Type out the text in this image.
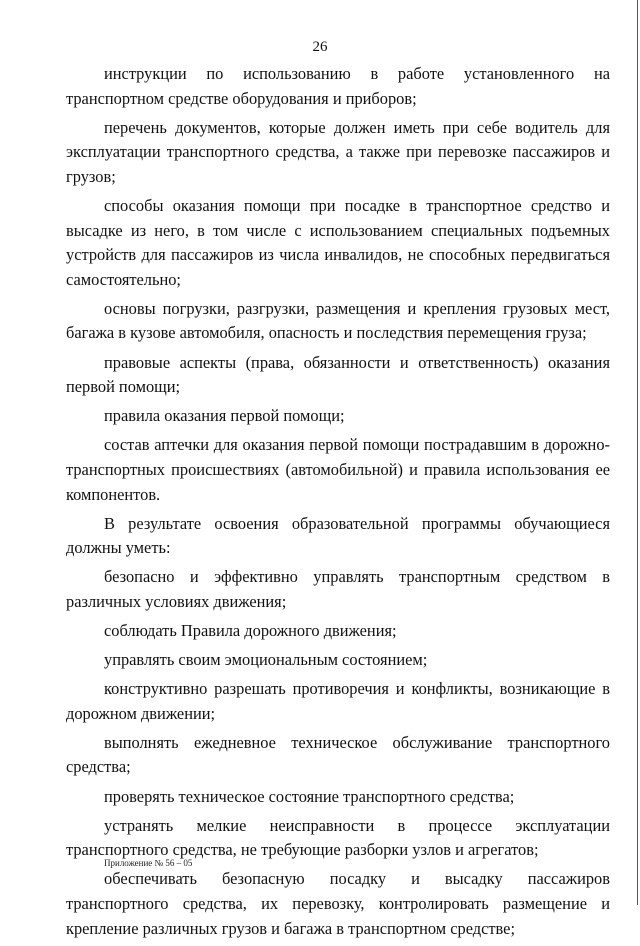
26

инструкции по использованию в работе установленного на транспортном средстве оборудования и приборов;

перечень документов, которые должен иметь при себе водитель для эксплуатации транспортного средства, а также при перевозке пассажиров и грузов;

способы оказания помощи при посадке в транспортное средство и высадке из него, в том числе с использованием специальных подъемных устройств для пассажиров из числа инвалидов, не способных передвигаться самостоятельно;

основы погрузки, разгрузки, размещения и крепления грузовых мест, багажа в кузове автомобиля, опасность и последствия перемещения груза;

правовые аспекты (права, обязанности и ответственность) оказания первой помощи;

правила оказания первой помощи;

состав аптечки для оказания первой помощи пострадавшим в дорожно-транспортных происшествиях (автомобильной) и правила использования ее компонентов.

В результате освоения образовательной программы обучающиеся должны уметь:

безопасно и эффективно управлять транспортным средством в различных условиях движения;

соблюдать Правила дорожного движения;

управлять своим эмоциональным состоянием;

конструктивно разрешать противоречия и конфликты, возникающие в дорожном движении;

выполнять ежедневное техническое обслуживание транспортного средства;

проверять техническое состояние транспортного средства;

устранять мелкие неисправности в процессе эксплуатации транспортного средства, не требующие разборки узлов и агрегатов;

обеспечивать безопасную посадку и высадку пассажиров транспортного средства, их перевозку, контролировать размещение и крепление различных грузов и багажа в транспортном средстве;

Приложение № 56 – 05
